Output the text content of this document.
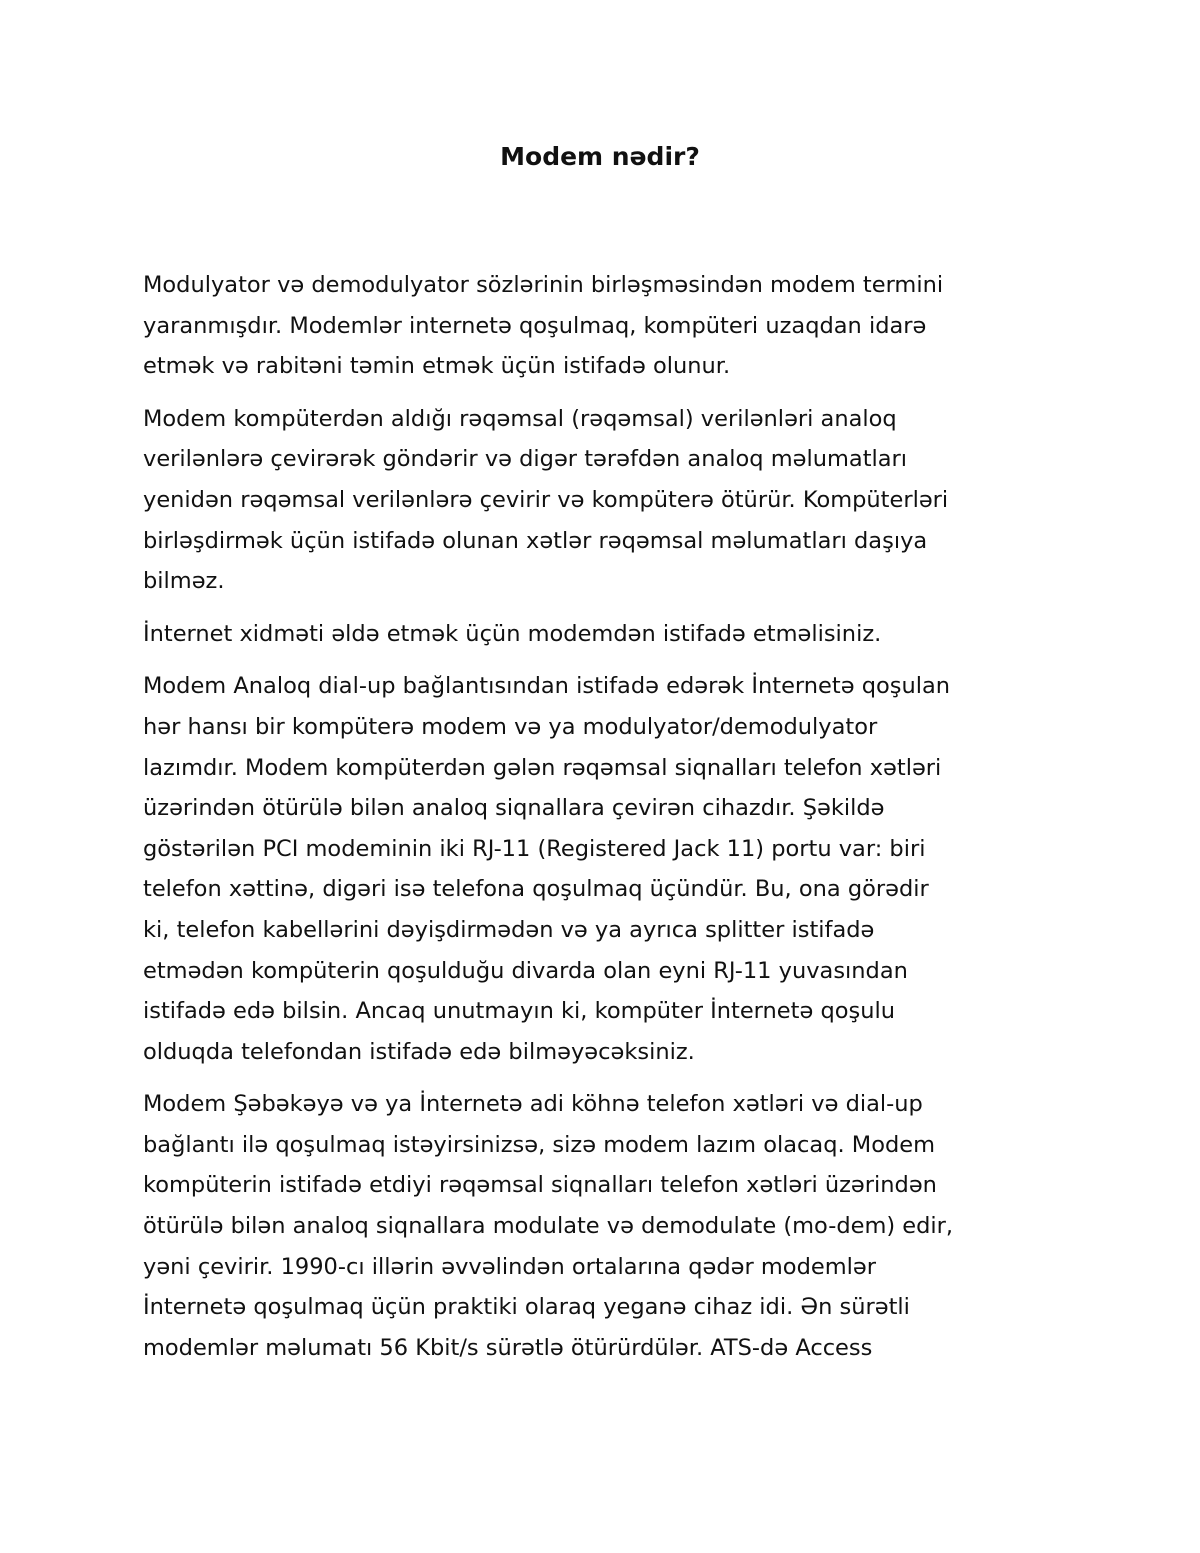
Modem nədir?

Modulyator və demodulyator sözlərinin birləşməsindən modem termini
yaranmışdır. Modemlər internetə qoşulmaq, kompüteri uzaqdan idarə
etmək və rabitəni təmin etmək üçün istifadə olunur.

Modem kompüterdən aldığı rəqəmsal (rəqəmsal) verilənləri analoq
verilənlərə çevirərək göndərir və digər tərəfdən analoq məlumatları
yenidən rəqəmsal verilənlərə çevirir və kompüterə ötürür. Kompüterləri
birləşdirmək üçün istifadə olunan xətlər rəqəmsal məlumatları daşıya
bilməz.

İnternet xidməti əldə etmək üçün modemdən istifadə etməlisiniz.

Modem Analoq dial-up bağlantısından istifadə edərək İnternetə qoşulan
hər hansı bir kompüterə modem və ya modulyator/demodulyator
lazımdır. Modem kompüterdən gələn rəqəmsal siqnalları telefon xətləri
üzərindən ötürülə bilən analoq siqnallara çevirən cihazdır. Şəkildə
göstərilən PCI modeminin iki RJ-11 (Registered Jack 11) portu var: biri
telefon xəttinə, digəri isə telefona qoşulmaq üçündür. Bu, ona görədir
ki, telefon kabellərini dəyişdirmədən və ya ayrıca splitter istifadə
etmədən kompüterin qoşulduğu divarda olan eyni RJ-11 yuvasından
istifadə edə bilsin. Ancaq unutmayın ki, kompüter İnternetə qoşulu
olduqda telefondan istifadə edə bilməyəcəksiniz.

Modem Şəbəkəyə və ya İnternetə adi köhnə telefon xətləri və dial-up
bağlantı ilə qoşulmaq istəyirsinizsə, sizə modem lazım olacaq. Modem
kompüterin istifadə etdiyi rəqəmsal siqnalları telefon xətləri üzərindən
ötürülə bilən analoq siqnallara modulate və demodulate (mo-dem) edir,
yəni çevirir. 1990-cı illərin əvvəlindən ortalarına qədər modemlər
İnternetə qoşulmaq üçün praktiki olaraq yeganə cihaz idi. Ən sürətli
modemlər məlumatı 56 Kbit/s sürətlə ötürürdülər. ATS-də Access
